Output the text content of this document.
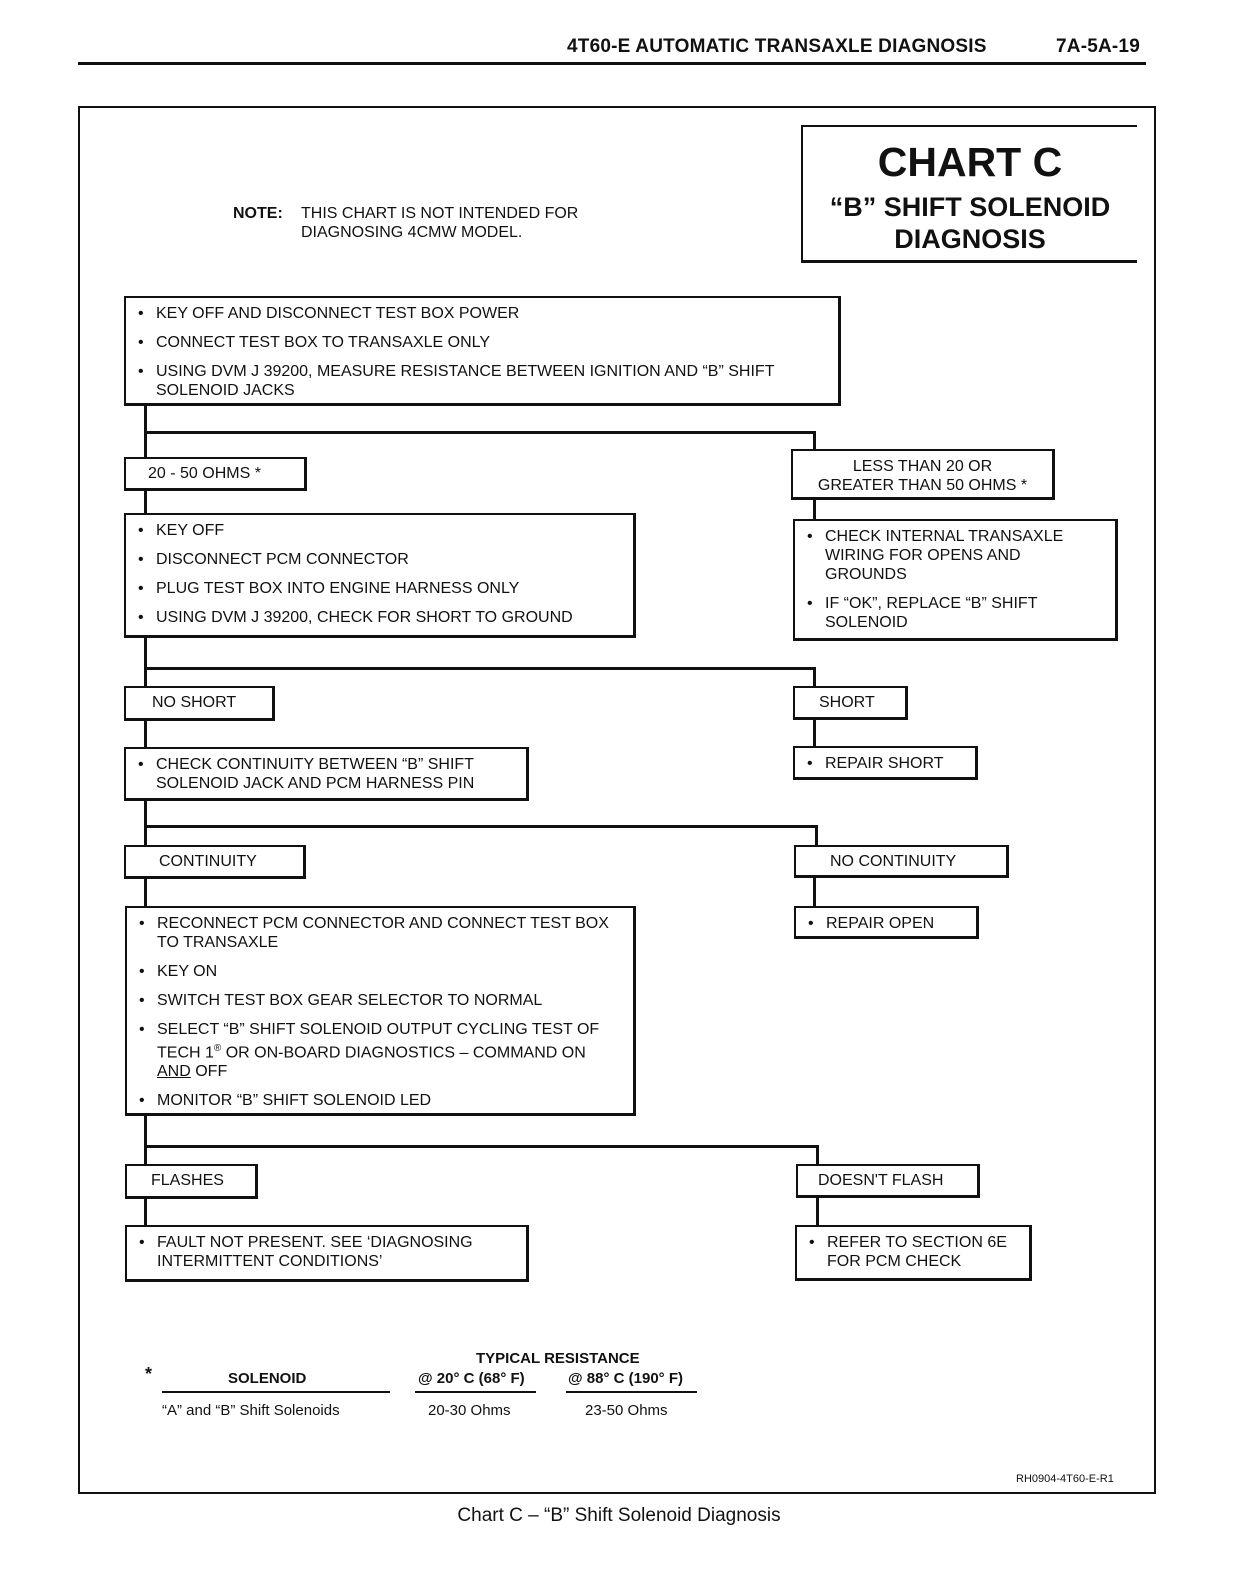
4T60-E AUTOMATIC TRANSAXLE DIAGNOSIS	7A-5A-19
CHART C
“B” SHIFT SOLENOID
DIAGNOSIS
NOTE: THIS CHART IS NOT INTENDED FOR
DIAGNOSING 4CMW MODEL.
• KEY OFF AND DISCONNECT TEST BOX POWER
• CONNECT TEST BOX TO TRANSAXLE ONLY
• USING DVM J 39200, MEASURE RESISTANCE BETWEEN IGNITION AND “B” SHIFT SOLENOID JACKS
20 - 50 OHMS *	LESS THAN 20 OR
GREATER THAN 50 OHMS *
• KEY OFF
• DISCONNECT PCM CONNECTOR
• PLUG TEST BOX INTO ENGINE HARNESS ONLY
• USING DVM J 39200, CHECK FOR SHORT TO GROUND
• CHECK INTERNAL TRANSAXLE WIRING FOR OPENS AND GROUNDS
• IF “OK”, REPLACE “B” SHIFT SOLENOID
NO SHORT	SHORT
• CHECK CONTINUITY BETWEEN “B” SHIFT SOLENOID JACK AND PCM HARNESS PIN
• REPAIR SHORT
CONTINUITY	NO CONTINUITY
• RECONNECT PCM CONNECTOR AND CONNECT TEST BOX TO TRANSAXLE
• KEY ON
• SWITCH TEST BOX GEAR SELECTOR TO NORMAL
• SELECT “B” SHIFT SOLENOID OUTPUT CYCLING TEST OF TECH 1® OR ON-BOARD DIAGNOSTICS – COMMAND ON AND OFF
• MONITOR “B” SHIFT SOLENOID LED
• REPAIR OPEN
FLASHES	DOESN'T FLASH
• FAULT NOT PRESENT. SEE ‘DIAGNOSING INTERMITTENT CONDITIONS’
• REFER TO SECTION 6E FOR PCM CHECK
*
TYPICAL RESISTANCE
SOLENOID	@ 20° C (68° F)	@ 88° C (190° F)
“A” and “B” Shift Solenoids	20-30 Ohms	23-50 Ohms
RH0904-4T60-E-R1
Chart C – “B” Shift Solenoid Diagnosis
